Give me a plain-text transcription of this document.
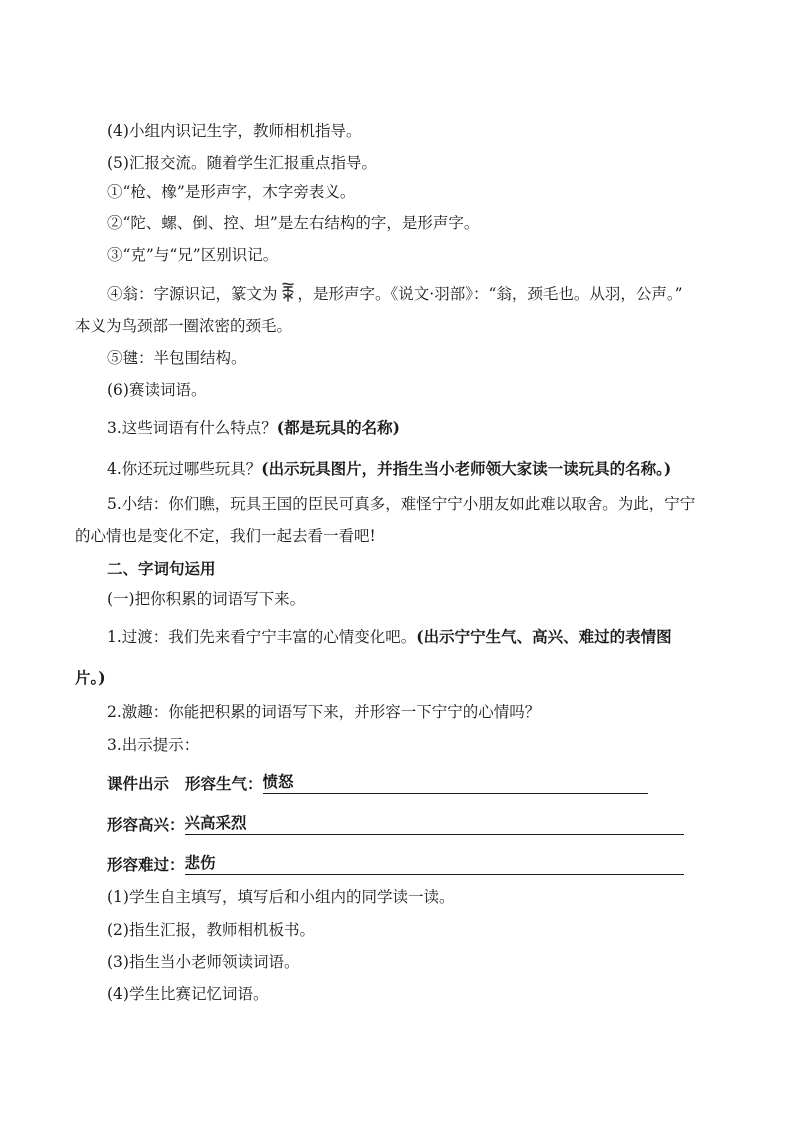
(4)小组内识记生字，教师相机指导。
(5)汇报交流。随着学生汇报重点指导。
①“枪、橡”是形声字，木字旁表义。
②“陀、螺、倒、控、坦”是左右结构的字，是形声字。
③“克”与“兄”区别识记。
④翁：字源识记，篆文为 ，是形声字。《说文·羽部》：“翁，颈毛也。从羽，公声。”
本义为鸟颈部一圈浓密的颈毛。
⑤毽：半包围结构。
(6)赛读词语。
3.这些词语有什么特点？(都是玩具的名称)
4.你还玩过哪些玩具？(出示玩具图片，并指生当小老师领大家读一读玩具的名称。)
5.小结：你们瞧，玩具王国的臣民可真多，难怪宁宁小朋友如此难以取舍。为此，宁宁
的心情也是变化不定，我们一起去看一看吧!
二、字词句运用
(一)把你积累的词语写下来。
1.过渡：我们先来看宁宁丰富的心情变化吧。(出示宁宁生气、高兴、难过的表情图
片。)
2.激趣：你能把积累的词语写下来，并形容一下宁宁的心情吗？
3.出示提示：
课件出示 形容生气： 愤怒
形容高兴： 兴高采烈
形容难过： 悲伤
(1)学生自主填写，填写后和小组内的同学读一读。
(2)指生汇报，教师相机板书。
(3)指生当小老师领读词语。
(4)学生比赛记忆词语。
